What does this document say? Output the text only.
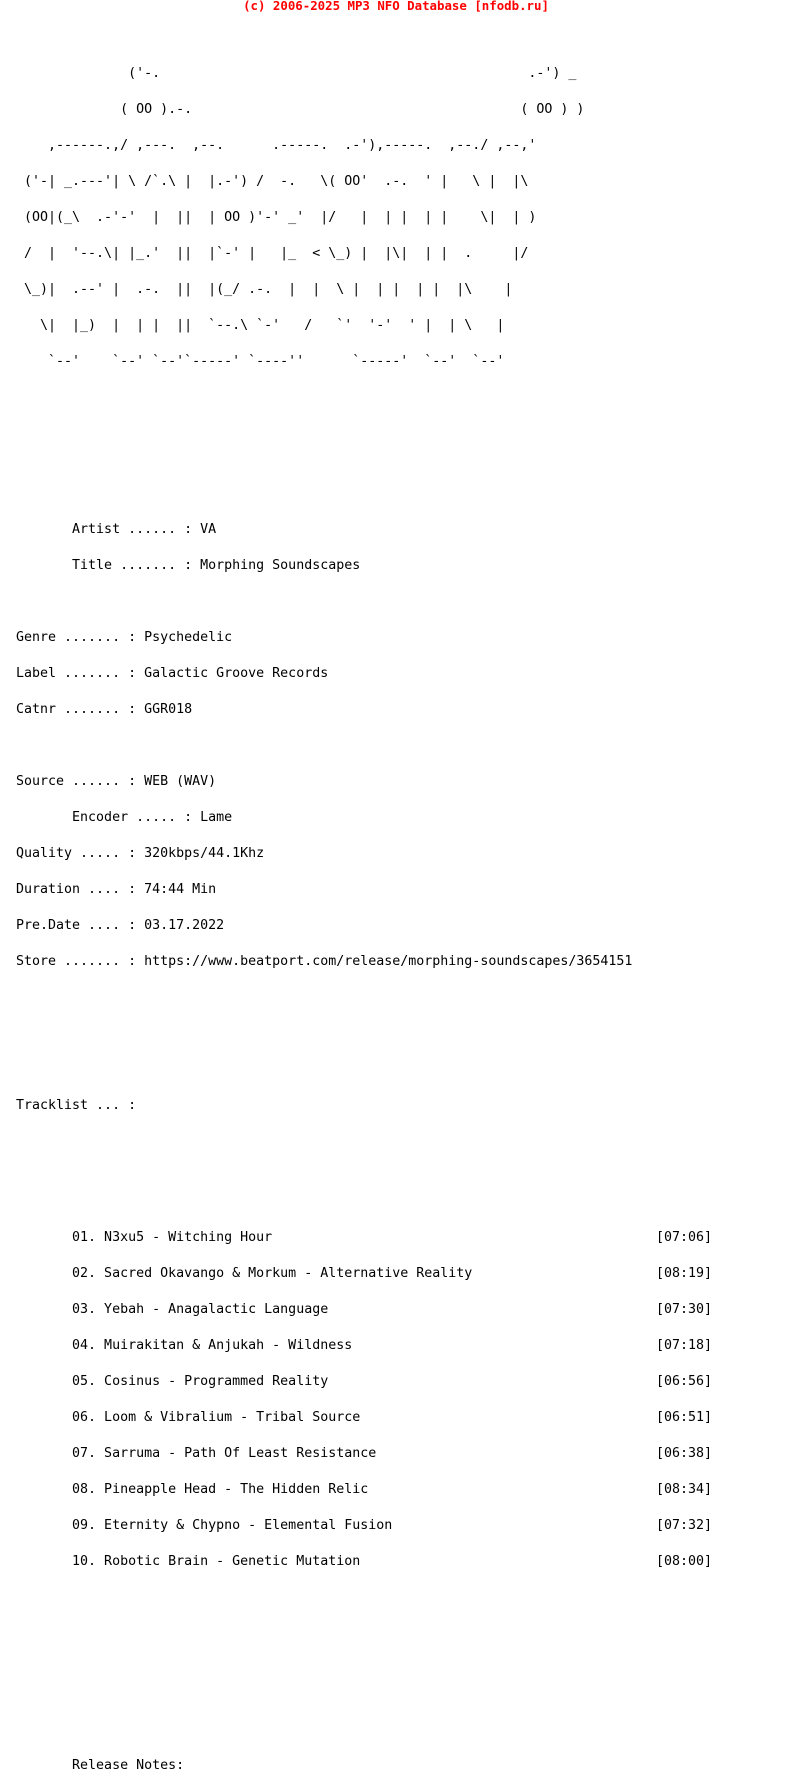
(c) 2006-2025 MP3 NFO Database [nfodb.ru]

('-.                                              .-') _

( OO ).-.                                         ( OO ) )

,------.,/ ,---.  ,--.      .-----.  .-'),-----.  ,--./ ,--,'

('-| _.---'| \ /`.\ |  |.-') /  -.   \( OO'  .-.  ' |   \ |  |\

(OO|(_\  .-'-'  |  ||  | OO )'-' _'  |/   |  | |  | |    \|  | )

/  |  '--.\| |_.'  ||  |`-' |   |_  < \_) |  |\|  | |  .     |/

\_)|  .--' |  .-.  ||  |(_/ .-.  |  |  \ |  | |  | |  |\    |

\|  |_)  |  | |  ||  `--.\ `-'   /   `'  '-'  ' |  | \   |

`--'    `--' `--'`-----' `----''      `-----'  `--'  `--'

Artist ...... : VA

Title ....... : Morphing Soundscapes

Genre ....... : Psychedelic

Label ....... : Galactic Groove Records

Catnr ....... : GGR018

Source ...... : WEB (WAV)

Encoder ..... : Lame

Quality ..... : 320kbps/44.1Khz

Duration .... : 74:44 Min

Pre.Date .... : 03.17.2022

Store ....... : https://www.beatport.com/release/morphing-soundscapes/3654151

Tracklist ... :

01. N3xu5 - Witching Hour	[07:06]

02. Sacred Okavango & Morkum - Alternative Reality	[08:19]

03. Yebah - Anagalactic Language	[07:30]

04. Muirakitan & Anjukah - Wildness	[07:18]

05. Cosinus - Programmed Reality	[06:56]

06. Loom & Vibralium - Tribal Source	[06:51]

07. Sarruma - Path Of Least Resistance	[06:38]

08. Pineapple Head - The Hidden Relic	[08:34]

09. Eternity & Chypno - Elemental Fusion	[07:32]

10. Robotic Brain - Genetic Mutation	[08:00]

Release Notes:
